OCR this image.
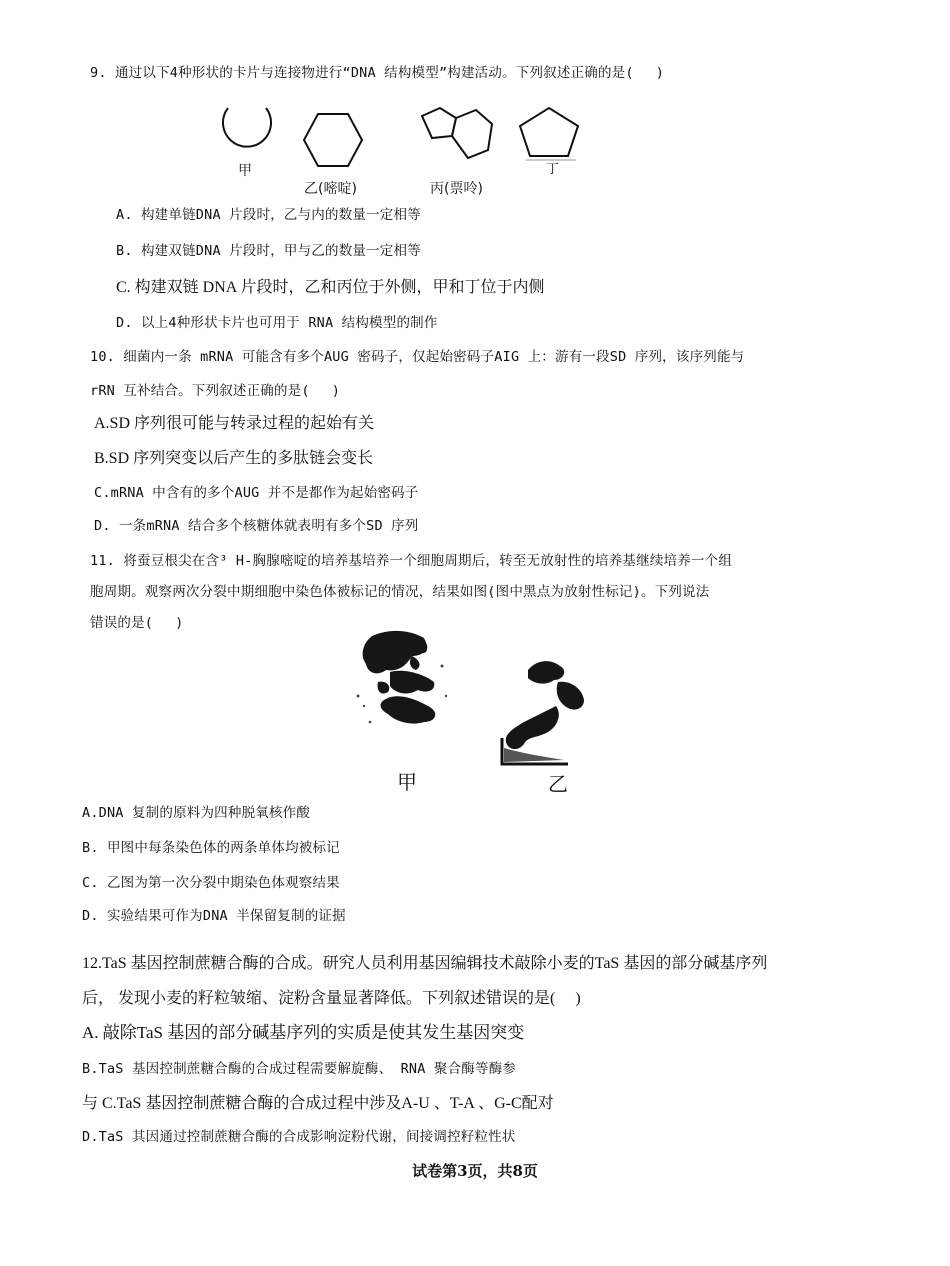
9. 通过以下4种形状的卡片与连接物进行“DNA 结构模型”构建活动。下列叙述正确的是(　 )
甲
乙(嘧啶)	丙(票呤)
丁
A. 构建单链DNA 片段时，乙与内的数量一定相等
B. 构建双链DNA 片段时，甲与乙的数量一定相等
C. 构建双链 DNA 片段时，乙和丙位于外侧，甲和丁位于内侧
D. 以上4种形状卡片也可用于 RNA 结构模型的制作
10. 细菌内一条 mRNA 可能含有多个AUG 密码子，仅起始密码子AIG 上：游有一段SD 序列，该序列能与
rRN 互补结合。下列叙述正确的是(　 )
A.SD 序列很可能与转录过程的起始有关
B.SD 序列突变以后产生的多肽链会变长
C.mRNA 中含有的多个AUG 并不是都作为起始密码子
D. 一条mRNA 结合多个核糖体就表明有多个SD 序列
11. 将蚕豆根尖在含³ H-胸腺嘧啶的培养基培养一个细胞周期后，转至无放射性的培养基继续培养一个组
胞周期。观察两次分裂中期细胞中染色体被标记的情况，结果如图(图中黑点为放射性标记)。下列说法
错误的是(　 )
甲	乙
A.DNA 复制的原料为四种脱氧核作酸
B. 甲图中每条染色体的两条单体均被标记
C. 乙图为第一次分裂中期染色体观察结果
D. 实验结果可作为DNA 半保留复制的证据
12.TaS 基因控制蔗糖合酶的合成。研究人员利用基因编辑技术敲除小麦的TaS 基因的部分碱基序列
后， 发现小麦的籽粒皱缩、淀粉含量显著降低。下列叙述错误的是(　 )
A. 敲除TaS 基因的部分碱基序列的实质是使其发生基因突变
B.TaS 基因控制蔗糖合酶的合成过程需要解旋酶、 RNA 聚合酶等酶参
与 C.TaS 基因控制蔗糖合酶的合成过程中涉及A-U 、T-A 、G-C配对
D.TaS 其因通过控制蔗糖合酶的合成影响淀粉代谢，间接调控籽粒性状
试卷第3页，共8页
